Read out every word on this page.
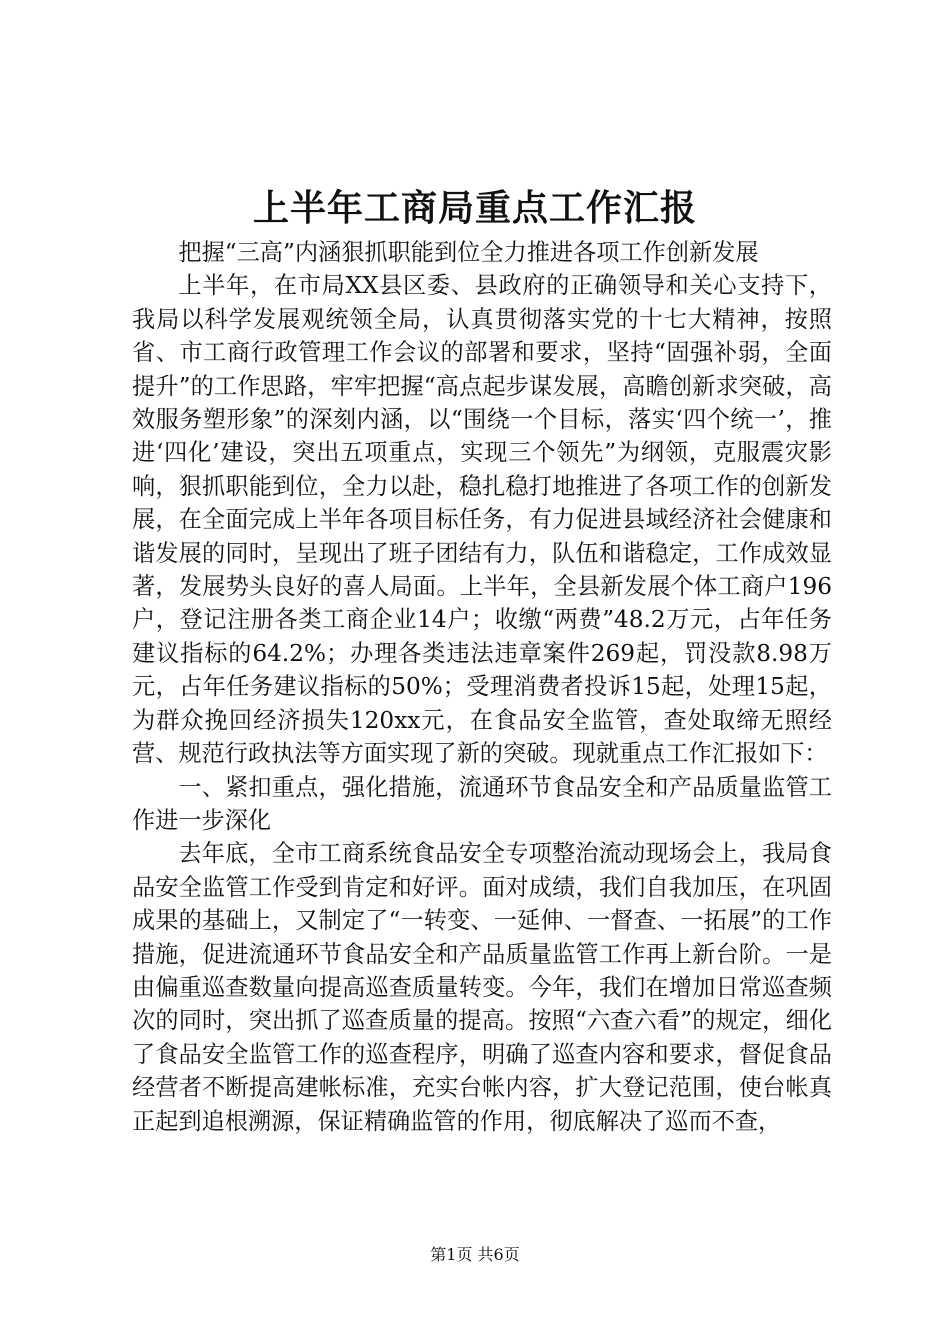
上半年工商局重点工作汇报

把握“三高”内涵狠抓职能到位全力推进各项工作创新发展

上半年，在市局XX县区委、县政府的正确领导和关心支持下，我局以科学发展观统领全局，认真贯彻落实党的十七大精神，按照省、市工商行政管理工作会议的部署和要求，坚持“固强补弱，全面提升”的工作思路，牢牢把握“高点起步谋发展，高瞻创新求突破，高效服务塑形象”的深刻内涵，以“围绕一个目标，落实‘四个统一’，推进‘四化’建设，突出五项重点，实现三个领先”为纲领，克服震灾影响，狠抓职能到位，全力以赴，稳扎稳打地推进了各项工作的创新发展，在全面完成上半年各项目标任务，有力促进县域经济社会健康和谐发展的同时，呈现出了班子团结有力，队伍和谐稳定，工作成效显著，发展势头良好的喜人局面。上半年，全县新发展个体工商户196户，登记注册各类工商企业14户；收缴“两费”48.2万元，占年任务建议指标的64.2%；办理各类违法违章案件269起，罚没款8.98万元，占年任务建议指标的50%；受理消费者投诉15起，处理15起，为群众挽回经济损失120xx元，在食品安全监管，查处取缔无照经营、规范行政执法等方面实现了新的突破。现就重点工作汇报如下：

一、紧扣重点，强化措施，流通环节食品安全和产品质量监管工作进一步深化

去年底，全市工商系统食品安全专项整治流动现场会上，我局食品安全监管工作受到肯定和好评。面对成绩，我们自我加压，在巩固成果的基础上，又制定了“一转变、一延伸、一督查、一拓展”的工作措施，促进流通环节食品安全和产品质量监管工作再上新台阶。一是由偏重巡查数量向提高巡查质量转变。今年，我们在增加日常巡查频次的同时，突出抓了巡查质量的提高。按照“六查六看”的规定，细化了食品安全监管工作的巡查程序，明确了巡查内容和要求，督促食品经营者不断提高建帐标准，充实台帐内容，扩大登记范围，使台帐真正起到追根溯源，保证精确监管的作用，彻底解决了巡而不查，

第1页 共6页
